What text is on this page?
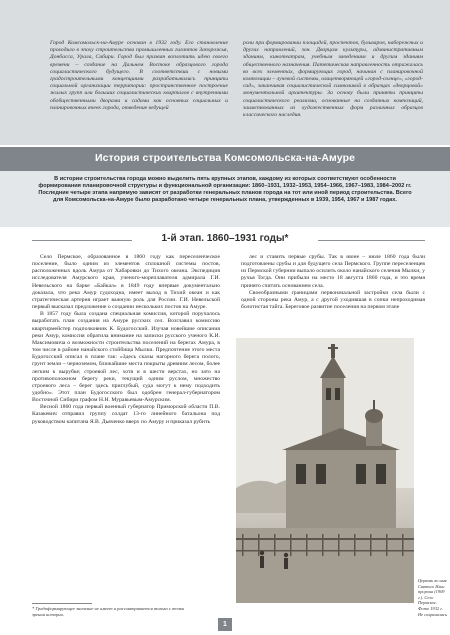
Город Комсомольск-на-Амуре основан в 1932 году. Его становление проходило в эпоху строительства промышленных гигантов Запорожья, Донбасса, Урала, Сибири. Город был призван воплотить идею своего времени – создание на Дальнем Востоке образцового города социалистического будущего. В соответствии с новыми градостроительными концепциями разрабатывались принципы социальной организации территории: пространственное построение жилых групп или больших социалистических кварталов с внутренними обобщественными дворами и садами как основных социальных и планировочных ячеек города, отведение ведущей
роли при формировании площадей, проспектов, бульваров, набережных и других направлений, зон. Дворцам культуры, административным зданиям, кинотеатрам, учебным заведениям и другим зданиям общественного назначения. Патетическая направленность отражалась во всех элементах, формирующих город, начиная с планировочной композиции – лучевой системы, олицетворяющей «город-солнце», «город-сад», заканчивая социалистической символикой в образцах «дворцовой» монументальной архитектуры. За основу были приняты принципы социалистического реализма, основанные на созданных композиций, заимствованных из художественных форм различных образцов классического наследия.
История строительства Комсомольска-на-Амуре
В истории строительства города можно выделить пять крупных этапов, каждому из которых соответствуют особенности формирования планировочной структуры и функциональной организации: 1860–1931, 1932–1953, 1954–1966, 1967–1983, 1984–2002 гг. Последние четыре этапа напрямую зависят от разработки генеральных планов города на тот или иной период строительства. Всего для Комсомольска-на-Амуре было разработано четыре генеральных плана, утвержденных в 1939, 1954, 1967 и 1987 годах.
1-й этап. 1860–1931 годы*

Село Пермское, образованное в 1860 году как переселенческое поселение, было одним из элементов сплошной системы постов, расположенных вдоль Амура от Хабаровки до Тихого океана. Экспедиция исследователя Амурского края, ученого-мореплавателя адмирала Г.И. Невельского на барке «Байкал» в 1849 году впервые документально доказала, что река Амур судоходна, имеет выход в Тихий океан и как стратегическая артерия играет важную роль для России. Г.И. Невельской первый высказал предложение о создании нескольких постов на Амуре.

В 1857 году была создана специальная комиссия, которой поручалось выработать план создания на Амуре русских сел. Возглавил комиссию квартирмейстер подполковник К. Будогосский. Изучая новейшие описания реки Амур, комиссия обратила внимание на записки русского ученого К.И. Максимовича о возможности строительства поселений на берегах Амура, в том числе в районе нанайского стойбища Мылки. Предпочтение этого места Будогосский описал в плане так: «Здесь скалы нагорного берега полого, грунт земли – черноземом, ближайшие места покрыты древним лесом, более легким к вырубке; строевой лес, хотя и в шести верстах, но зато на противоположном берегу реки, текущий одним руслом, множество строевого леса – берег здесь приглубый, суда могут к нему подходить удобно». Этот план Будогосского был одобрен генерал-губернатором Восточной Сибири графом Н.Н. Муравьевым-Амурским.

Весной 1860 года первый военный губернатор Приморской области П.В. Казакевич отправил группу солдат 13-го линейного батальона под руководством капитана Я.В. Дьяченко вверх по Амуру и приказал рубить

лес и ставить первые срубы. Так в июне – июле 1860 года были подготовлены срубы и для будущего села Пермского. Группе переселенцев из Пермской губернии выпало осилить около нанайского селения Мылки, у ручья Тогда. Они прибыли на место 18 августа 1860 года, и это время принято считать основанием села.

Своеобразными границами первоначальной застройки села были с одной стороны река Амур, а с другой уходившая в сопки непроходимая болотистая тайга. Береговое развитие поселения на первом этапе

Церковь во имя Святого Ильи пророка (1909 г.). Село Пермское. Фото 1932 г. Не сохранилась
* Градоформирующее значение не имеет и рассматривается только с точки зрения истории.
1
